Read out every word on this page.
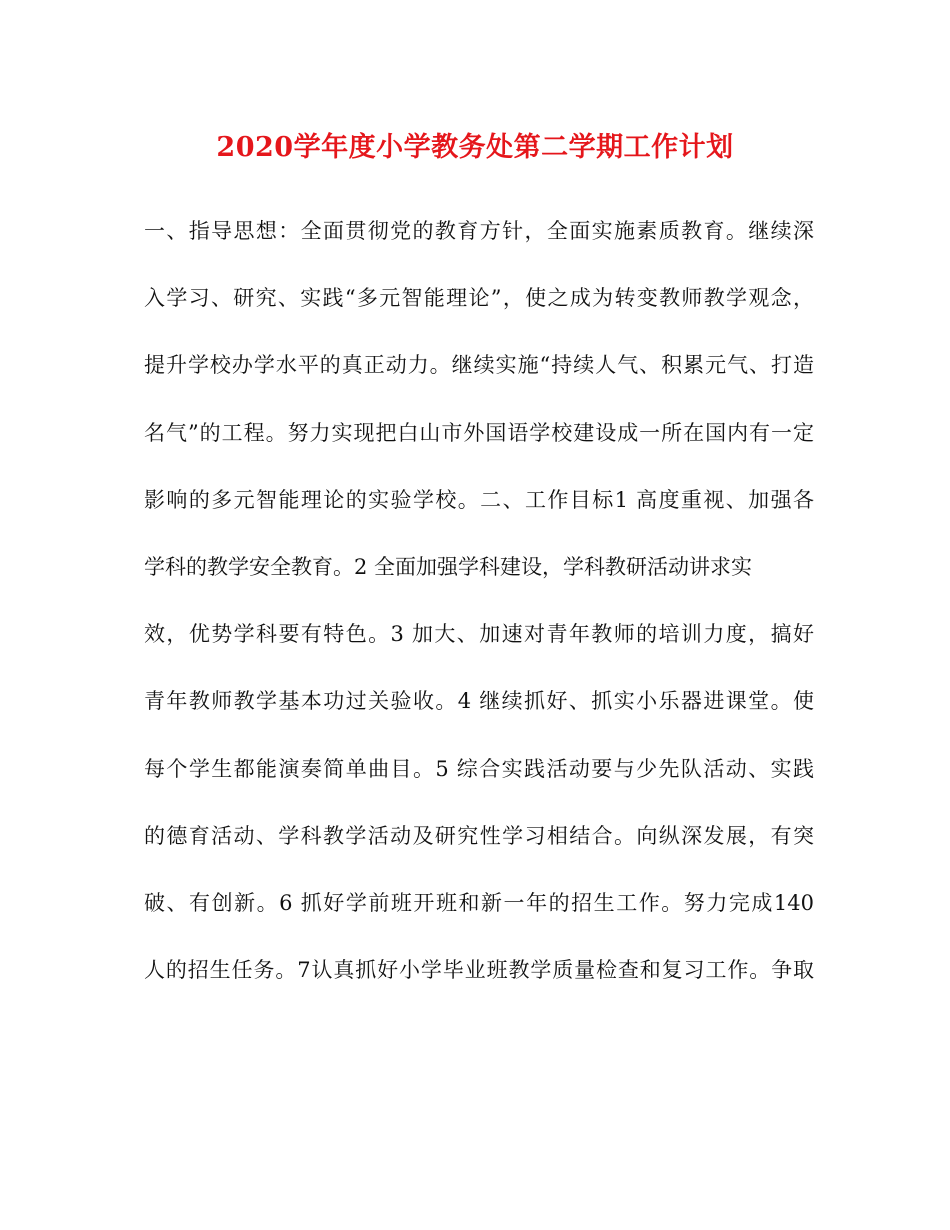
2020学年度小学教务处第二学期工作计划
一、指导思想：全面贯彻党的教育方针，全面实施素质教育。继续深
入学习、研究、实践“多元智能理论”，使之成为转变教师教学观念，
提升学校办学水平的真正动力。继续实施“持续人气、积累元气、打造
名气”的工程。努力实现把白山市外国语学校建设成一所在国内有一定
影响的多元智能理论的实验学校。二、工作目标1 高度重视、加强各
学科的教学安全教育。2 全面加强学科建设，学科教研活动讲求实
效，优势学科要有特色。3 加大、加速对青年教师的培训力度，搞好
青年教师教学基本功过关验收。4 继续抓好、抓实小乐器进课堂。使
每个学生都能演奏简单曲目。5 综合实践活动要与少先队活动、实践
的德育活动、学科教学活动及研究性学习相结合。向纵深发展，有突
破、有创新。6 抓好学前班开班和新一年的招生工作。努力完成140
人的招生任务。7认真抓好小学毕业班教学质量检查和复习工作。争取
